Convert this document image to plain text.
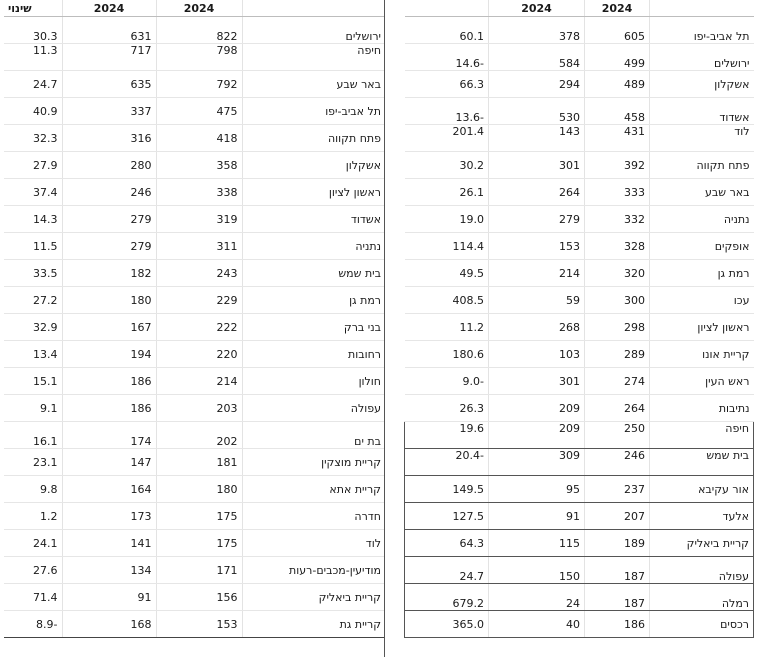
שינוי	2024	2024	
30.3	631	822	ירושלים
11.3	717	798	חיפה
24.7	635	792	באר שבע
40.9	337	475	תל אביב-יפו
32.3	316	418	פתח תקווה
27.9	280	358	אשקלון
37.4	246	338	ראשון לציון
14.3	279	319	אשדוד
11.5	279	311	נתניה
33.5	182	243	בית שמש
27.2	180	229	רמת גן
32.9	167	222	בני ברק
13.4	194	220	רחובות
15.1	186	214	חולון
9.1	186	203	עפולה
16.1	174	202	בת ים
23.1	147	181	קריית מוצקין
9.8	164	180	קריית אתא
1.2	173	175	חדרה
24.1	141	175	לוד
27.6	134	171	מודיעין-מכבים-רעות
71.4	91	156	קריית ביאליק
8.9-	168	153	קריית גת
	2024	2024	
60.1	378	605	תל אביב-יפו
14.6-	584	499	ירושלים
66.3	294	489	אשקלון
13.6-	530	458	אשדוד
201.4	143	431	לוד
30.2	301	392	פתח תקווה
26.1	264	333	באר שבע
19.0	279	332	נתניה
114.4	153	328	אופקים
49.5	214	320	רמת גן
408.5	59	300	עכו
11.2	268	298	ראשון לציון
180.6	103	289	קריית אונו
9.0-	301	274	ראש העין
26.3	209	264	נתיבות
19.6	209	250	חיפה
20.4-	309	246	בית שמש
149.5	95	237	אור עקיבא
127.5	91	207	אלעד
64.3	115	189	קריית ביאליק
24.7	150	187	עפולה
679.2	24	187	רמלה
365.0	40	186	רכסים
